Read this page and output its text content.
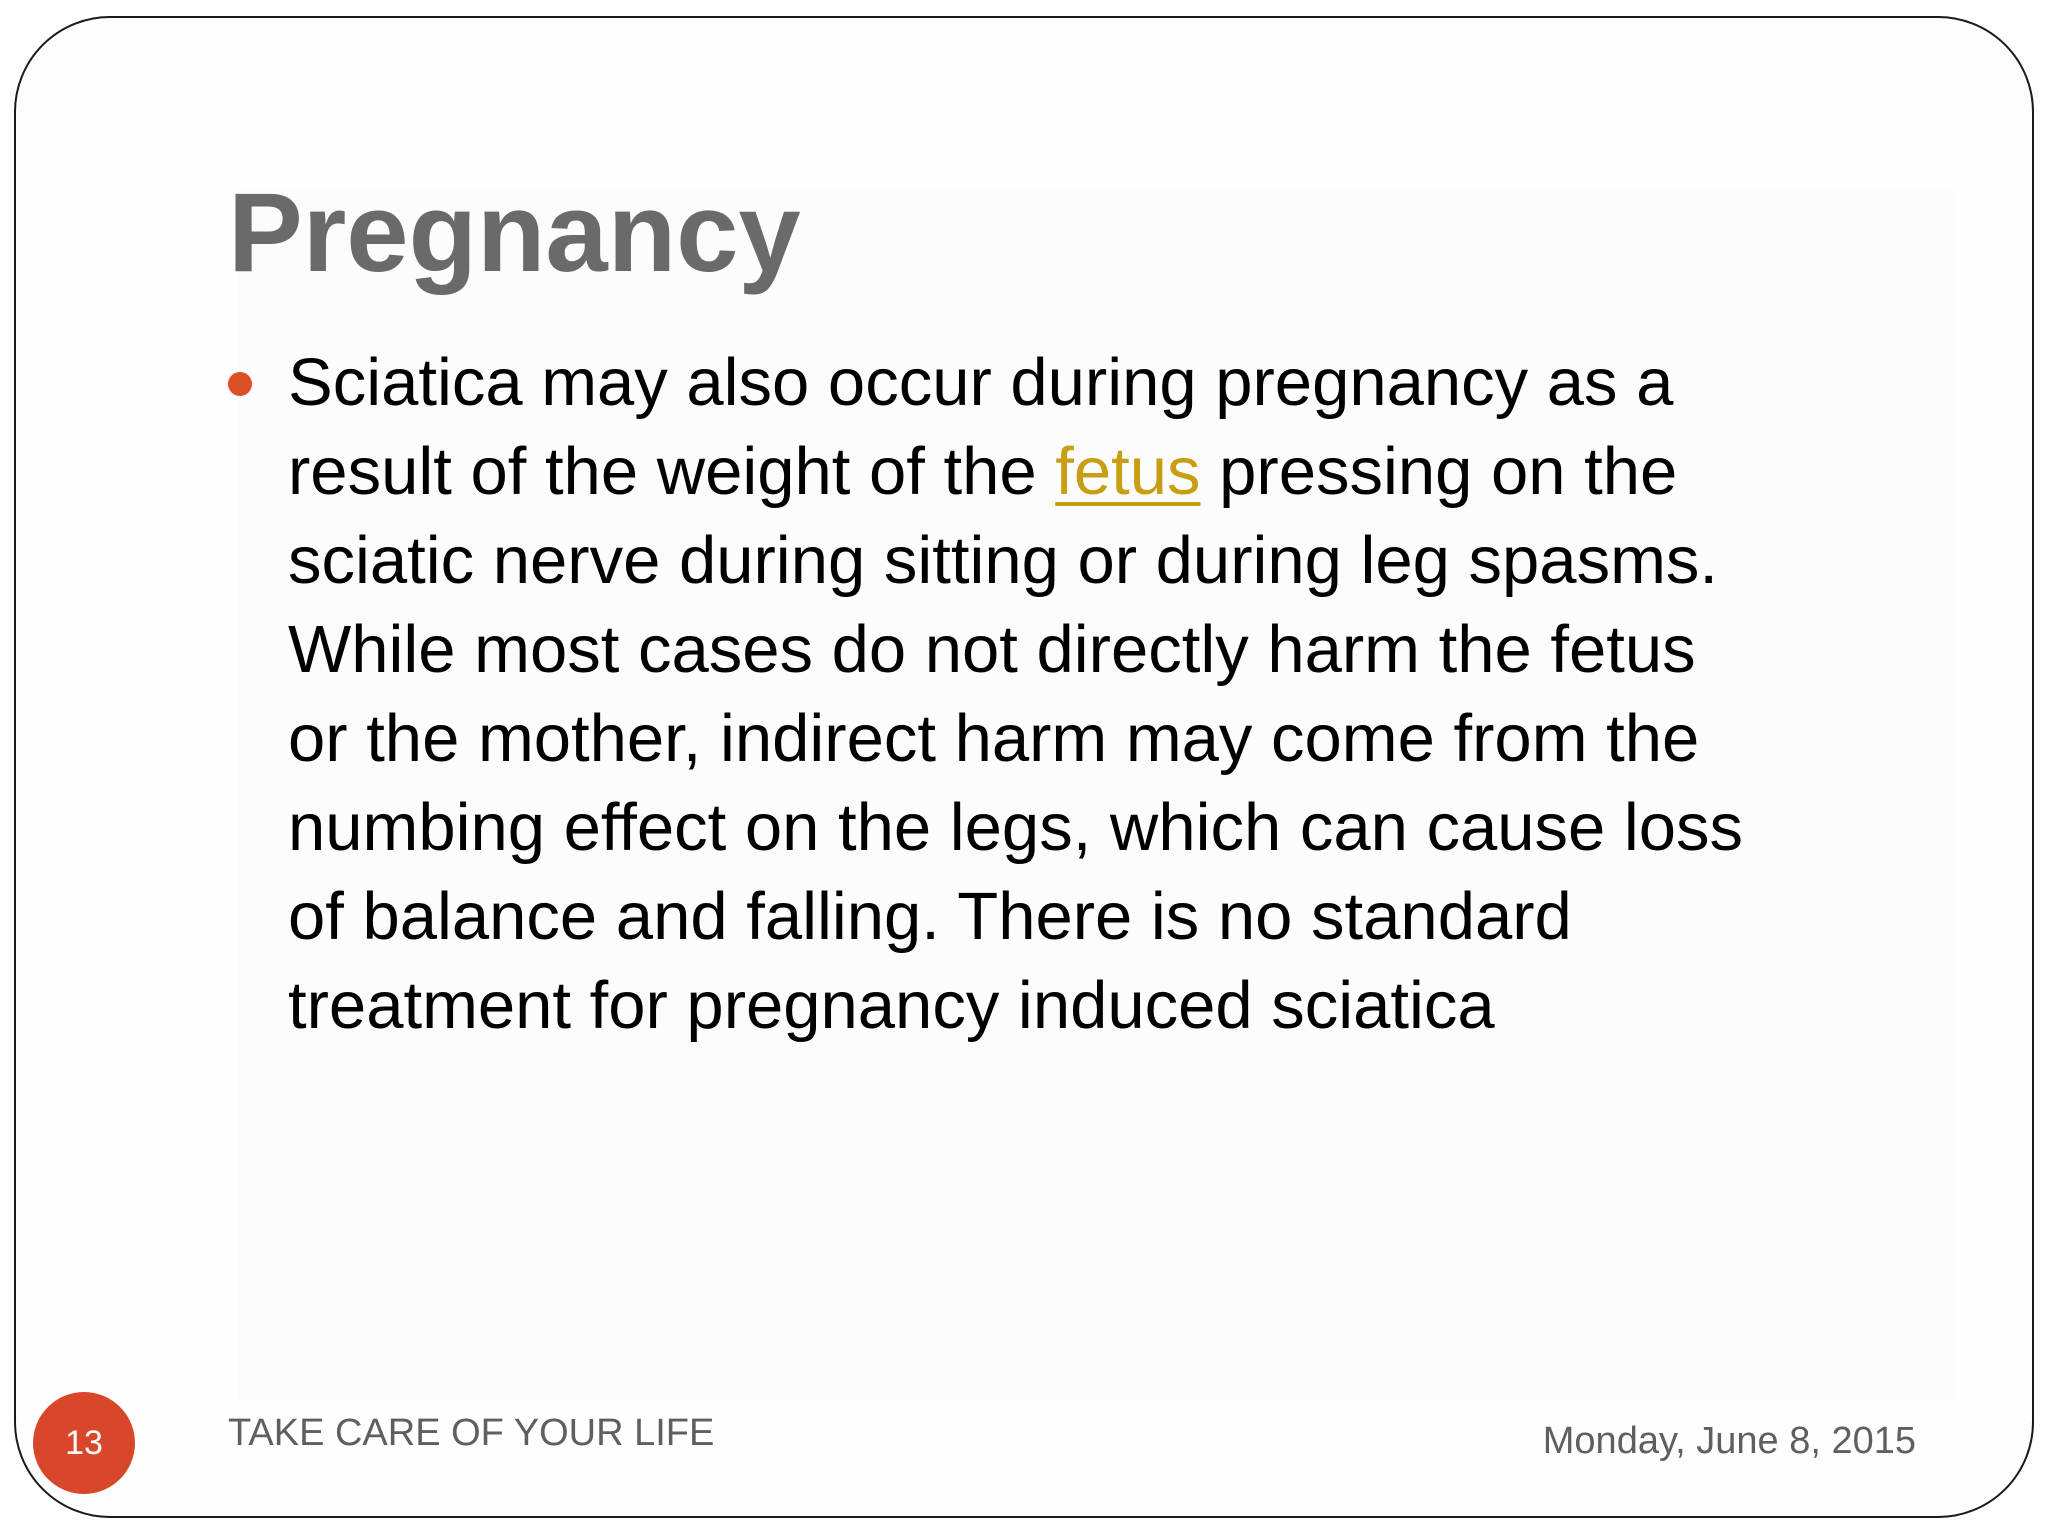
Pregnancy
Sciatica may also occur during pregnancy as a
result of the weight of the fetus pressing on the
sciatic nerve during sitting or during leg spasms.
While most cases do not directly harm the fetus
or the mother, indirect harm may come from the
numbing effect on the legs, which can cause loss
of balance and falling. There is no standard
treatment for pregnancy induced sciatica
13	TAKE CARE OF YOUR LIFE	Monday, June 8, 2015
